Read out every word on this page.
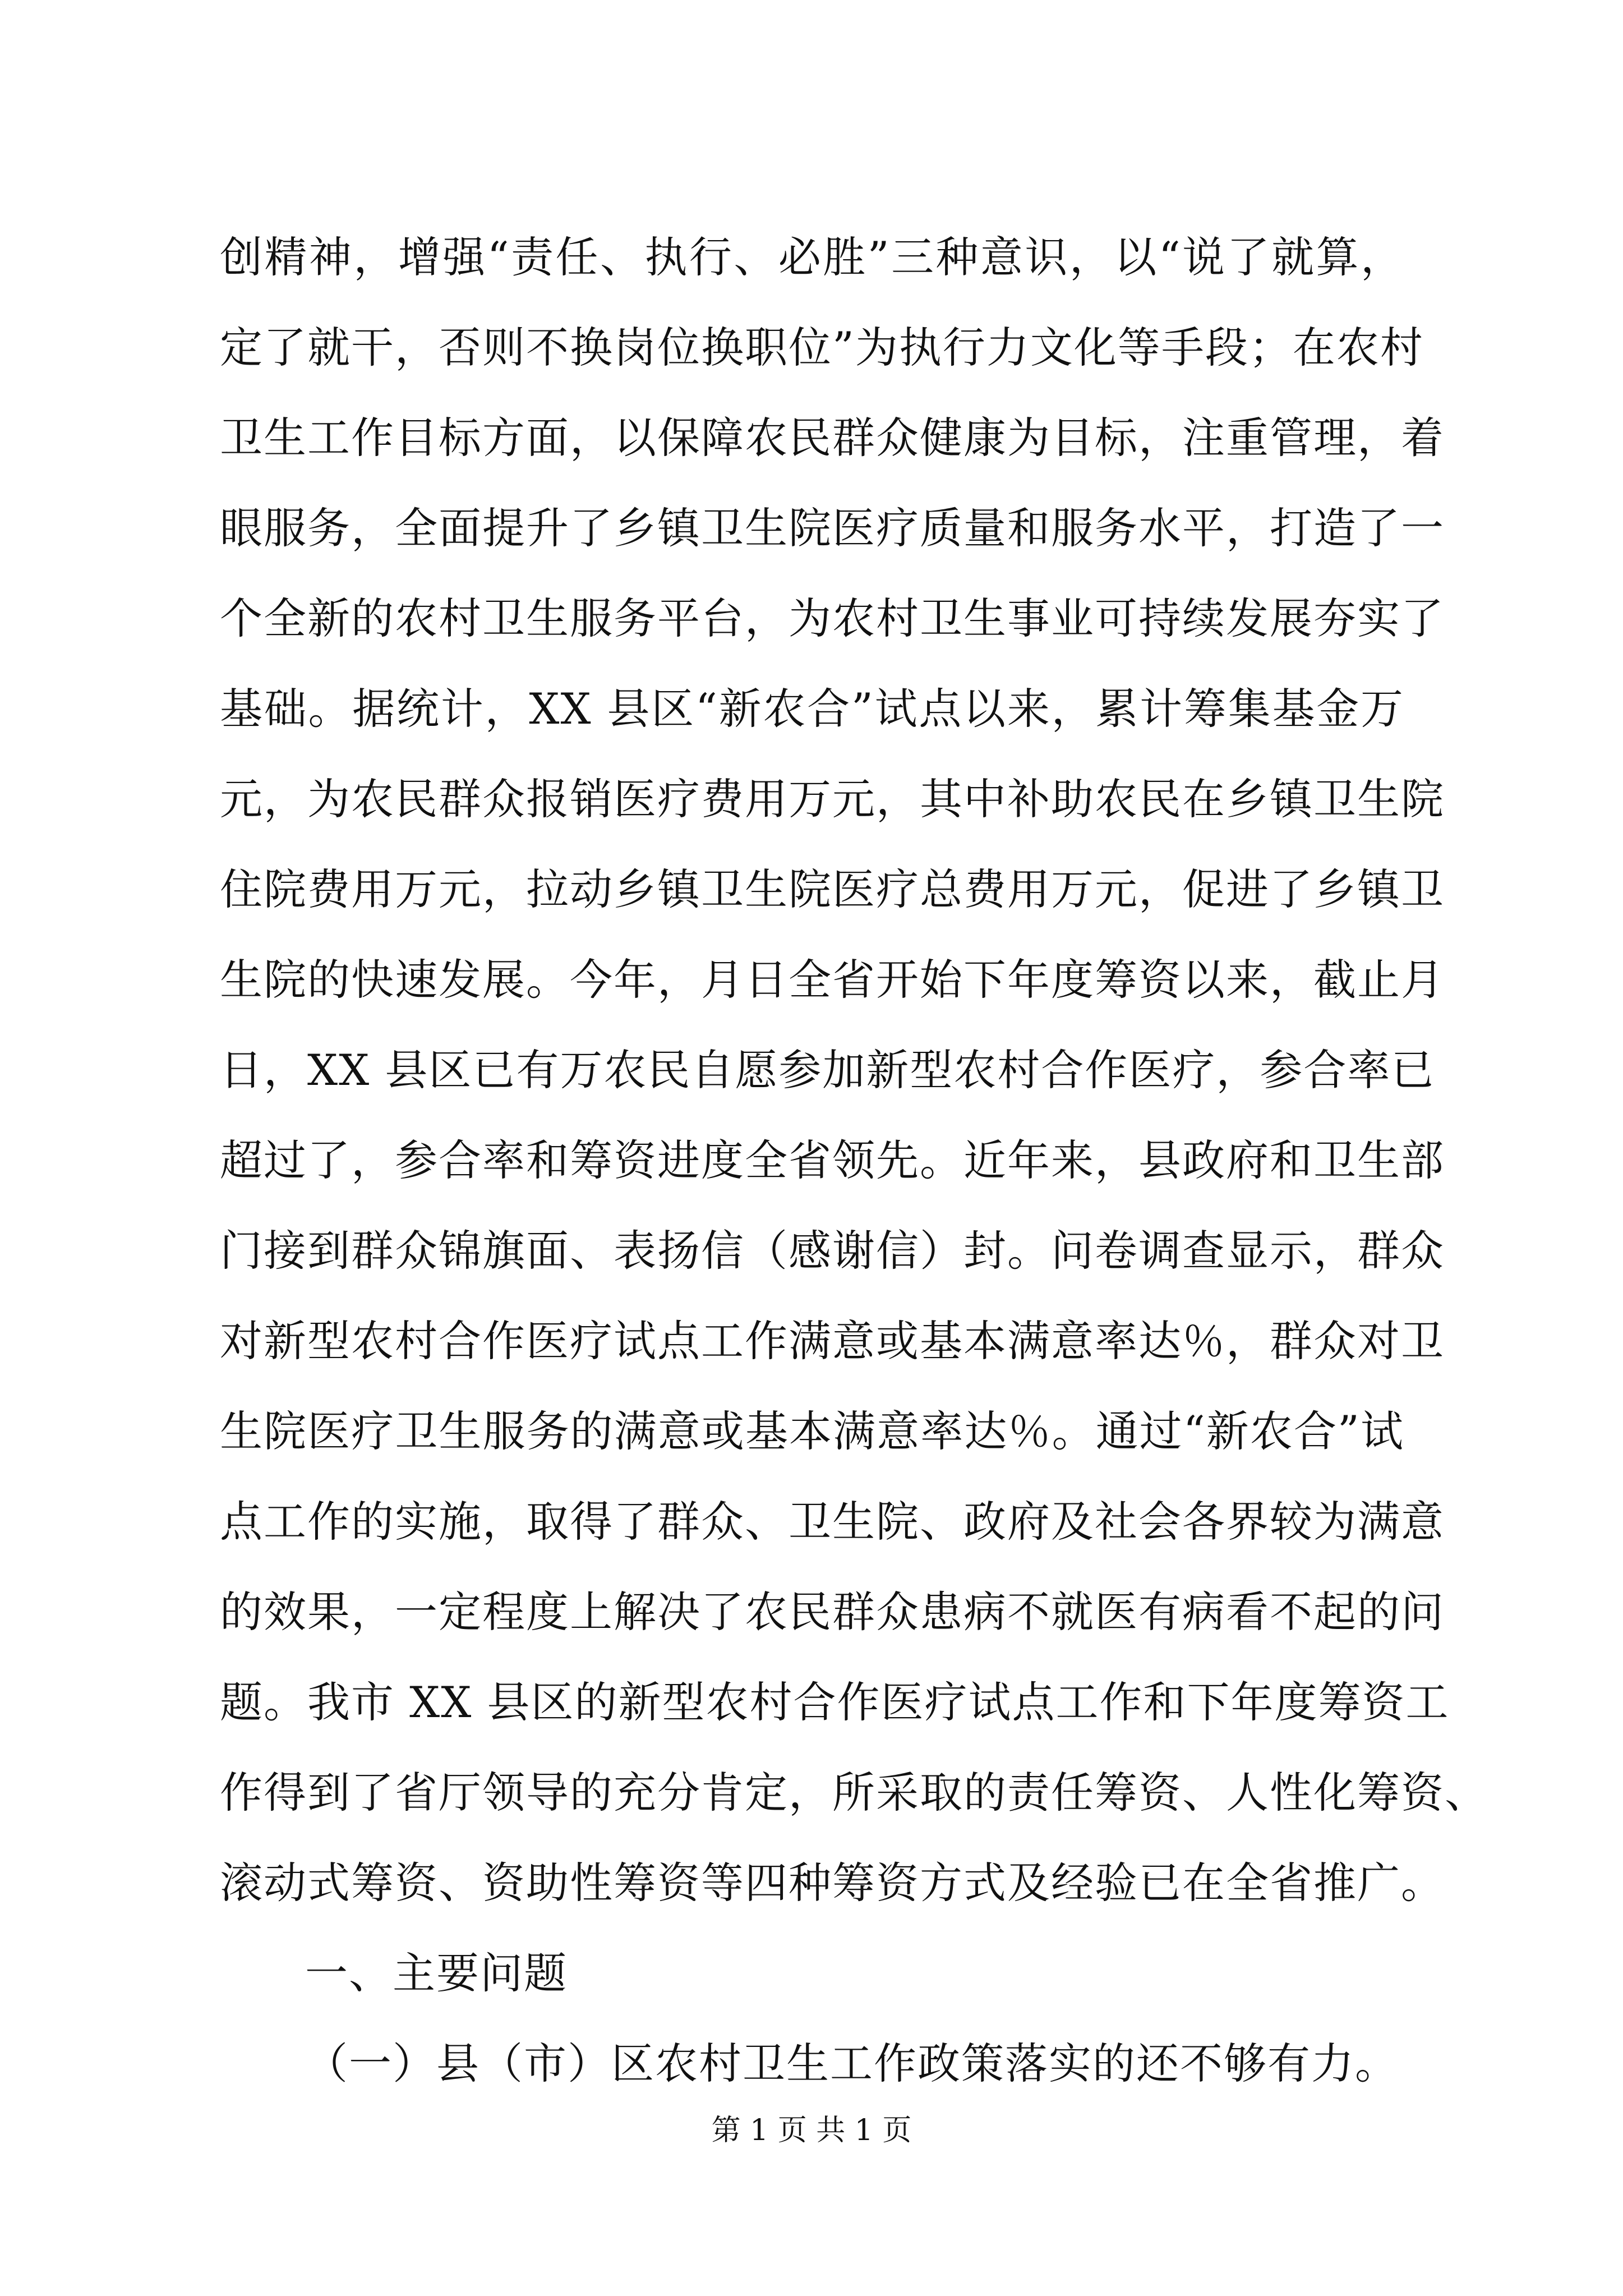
创精神，增强“责任、执行、必胜”三种意识，以“说了就算，
定了就干，否则不换岗位换职位”为执行力文化等手段；在农村
卫生工作目标方面，以保障农民群众健康为目标，注重管理，着
眼服务，全面提升了乡镇卫生院医疗质量和服务水平，打造了一
个全新的农村卫生服务平台，为农村卫生事业可持续发展夯实了
基础。据统计，XX 县区“新农合”试点以来，累计筹集基金万
元，为农民群众报销医疗费用万元，其中补助农民在乡镇卫生院
住院费用万元，拉动乡镇卫生院医疗总费用万元，促进了乡镇卫
生院的快速发展。今年，月日全省开始下年度筹资以来，截止月
日，XX 县区已有万农民自愿参加新型农村合作医疗，参合率已
超过了，参合率和筹资进度全省领先。近年来，县政府和卫生部
门接到群众锦旗面、表扬信（感谢信）封。问卷调查显示，群众
对新型农村合作医疗试点工作满意或基本满意率达％，群众对卫
生院医疗卫生服务的满意或基本满意率达％。通过“新农合”试
点工作的实施，取得了群众、卫生院、政府及社会各界较为满意
的效果，一定程度上解决了农民群众患病不就医有病看不起的问
题。我市 XX 县区的新型农村合作医疗试点工作和下年度筹资工
作得到了省厅领导的充分肯定，所采取的责任筹资、人性化筹资、
滚动式筹资、资助性筹资等四种筹资方式及经验已在全省推广。

一、主要问题

（一）县（市）区农村卫生工作政策落实的还不够有力。

第 1 页 共 1 页
